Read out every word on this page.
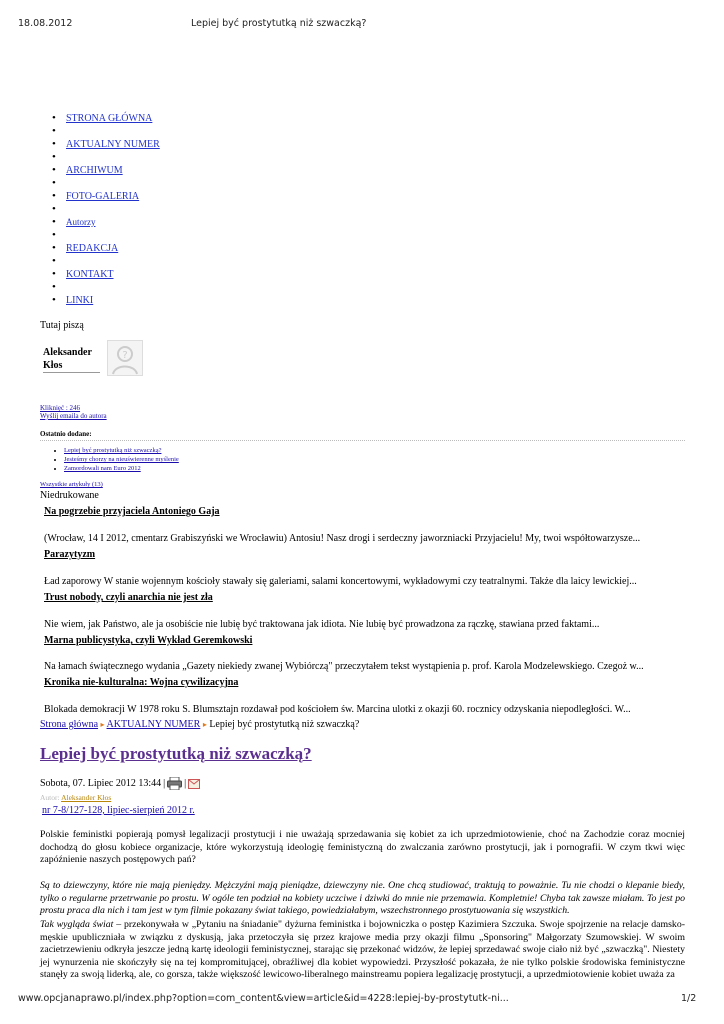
18.08.2012	Lepiej być prostytutką niż szwaczką?
• STRONA GŁÓWNA
•
• AKTUALNY NUMER
•
• ARCHIWUM
•
• FOTO-GALERIA
•
• Autorzy
•
• REDAKCJA
•
• KONTAKT
•
• LINKI
Tutaj piszą
Aleksander
Kłos
?
Kliknięć : 246
Wyślij emaila do autora
Ostatnio dodane:
• Lepiej być prostytutką niż szwaczką?
• Jesteśmy chorzy na nieuświerenne myślenie
• Zamordowali nam Euro 2012
Wszystkie artykuły (13)
Niedrukowane
Na pogrzebie przyjaciela Antoniego Gaja
(Wrocław, 14 I 2012, cmentarz Grabiszyński we Wrocławiu) Antosiu! Nasz drogi i serdeczny jaworzniacki Przyjacielu! My, twoi współtowarzysze...
Parazytyzm
Ład zaporowy W stanie wojennym kościoły stawały się galeriami, salami koncertowymi, wykładowymi czy teatralnymi. Także dla laicy lewickiej...
Trust nobody, czyli anarchia nie jest zła
Nie wiem, jak Państwo, ale ja osobiście nie lubię być traktowana jak idiota. Nie lubię być prowadzona za rączkę, stawiana przed faktami...
Marna publicystyka, czyli Wykład Geremkowski
Na łamach świątecznego wydania „Gazety niekiedy zwanej Wybiórczą" przeczytałem tekst wystąpienia p. prof. Karola Modzelewskiego. Czegoż w...
Kronika nie-kulturalna: Wojna cywilizacyjna
Blokada demokracji W 1978 roku S. Blumsztajn rozdawał pod kościołem św. Marcina ulotki z okazji 60. rocznicy odzyskania niepodległości. W...
Strona główna ▸ AKTUALNY NUMER ▸ Lepiej być prostytutką niż szwaczką?
Lepiej być prostytutką niż szwaczką?
Sobota, 07. Lipiec 2012 13:44 | |
Autor: Aleksander Kłos
nr 7-8/127-128, lipiec-sierpień 2012 r.
Polskie feministki popierają pomysł legalizacji prostytucji i nie uważają sprzedawania się kobiet za ich uprzedmiotowienie, choć na Zachodzie coraz mocniej dochodzą do głosu kobiece organizacje, które wykorzystują ideologię feministyczną do zwalczania zarówno prostytucji, jak i pornografii. W czym tkwi więc zapóźnienie naszych postępowych pań?
Są to dziewczyny, które nie mają pieniędzy. Mężczyźni mają pieniądze, dziewczyny nie. One chcą studiować, traktują to poważnie. Tu nie chodzi o klepanie biedy, tylko o regularne przetrwanie po prostu. W ogóle ten podział na kobiety uczciwe i dziwki do mnie nie przemawia. Kompletnie! Chyba tak zawsze miałam. To jest po prostu praca dla nich i tam jest w tym filmie pokazany świat takiego, powiedziałabym, wszechstronnego prostytuowania się wszystkich.
Tak wygląda świat – przekonywała w „Pytaniu na śniadanie" dyżurna feministka i bojowniczka o postęp Kazimiera Szczuka. Swoje spojrzenie na relacje damsko-męskie upubliczniała w związku z dyskusją, jaka przetoczyła się przez krajowe media przy okazji filmu „Sponsoring" Małgorzaty Szumowskiej. W swoim zacietrzewieniu odkryła jeszcze jedną kartę ideologii feministycznej, starając się przekonać widzów, że lepiej sprzedawać swoje ciało niż być „szwaczką". Niestety jej wynurzenia nie skończyły się na tej kompromitującej, obraźliwej dla kobiet wypowiedzi. Przyszłość pokazała, że nie tylko polskie środowiska feministyczne stanęły za swoją liderką, ale, co gorsza, także większość lewicowo-liberalnego mainstreamu popiera legalizację prostytucji, a uprzedmiotowienie kobiet uważa za
www.opcjanaprawo.pl/index.php?option=com_content&view=article&id=4228:lepiej-by-prostytutk-ni...	1/2
